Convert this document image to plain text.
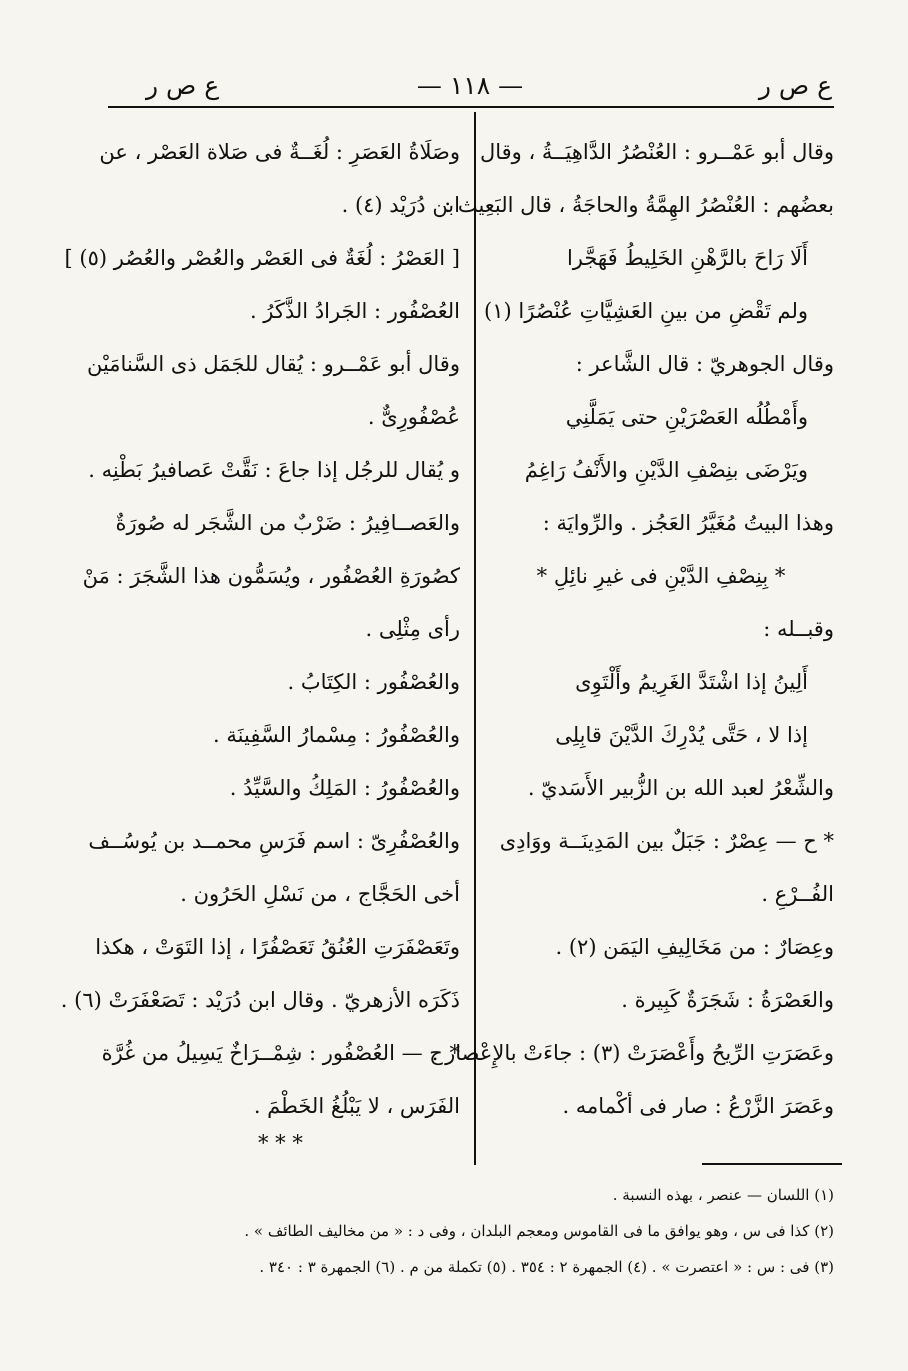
ع ص ر
— ١١٨ —
ع ص ر
وقال أبو عَمْــرو : العُنْصُرُ الدَّاهِيَــةُ ، وقال
بعضُهم : العُنْصُرُ الهِمَّةُ والحاجَةُ ، قال البَعِيث :
أَلَا رَاحَ بالرَّهْنِ الخَلِيطُ فَهَجَّرا
ولم تَقْضِ من بينِ العَشِيَّاتِ عُنْصُرًا (١)
وقال الجوهريّ : قال الشَّاعر :
وأَمْطُلُه العَصْرَيْنِ حتى يَمَلَّنِي
ويَرْضَى بنِصْفِ الدَّيْنِ والأَنْفُ رَاغِمُ
وهذا البيتُ مُغَيَّرُ العَجُز . والرِّوايَة :
* بِنِصْفِ الدَّيْنِ فى غيرِ نائِلِ *
وقبــله :
أَلِينُ إذا اشْتَدَّ الغَرِيمُ وأَلْتَوِى
إذا لا ، حَتَّى يُدْرِكَ الدَّيْنَ قابِلِى
والشِّعْرُ لعبد الله بن الزُّبير الأَسَديّ .
* ح — عِصْرٌ : جَبَلٌ بين المَدِينَــة ووَادِى
الفُــرْعِ .
وعِصَارٌ : من مَخَالِيفِ اليَمَن (٢) .
والعَصْرَةُ : شَجَرَةٌ كَبِيرة .
وعَصَرَتِ الرِّيحُ وأَعْصَرَتْ (٣) : جاءَتْ بالإِعْصار .
وعَصَرَ الزَّرْعُ : صار فى أكْمامه .
وصَلَاةُ العَصَرِ : لُغَــةٌ فى صَلاة العَصْر ، عن
ابن دُرَيْد (٤) .
[ العَصْرُ : لُغَةٌ فى العَصْر والعُصْر والعُصُر (٥) ]
العُصْفُور : الجَرادُ الذَّكَرُ .
وقال أبو عَمْــرو : يُقال للجَمَل ذى السَّنامَيْن
عُصْفُورِىٌّ .
و يُقال للرجُل إذا جاعَ : نَقَّتْ عَصافيرُ بَطْنِه .
والعَصــافِيرُ : ضَرْبٌ من الشَّجَر له صُورَةٌ
كصُورَةِ العُصْفُور ، ويُسَمُّون هذا الشَّجَرَ : مَنْ
رأى مِثْلِى .
والعُصْفُور : الكِتَابُ .
والعُصْفُورُ : مِسْمارُ السَّفِينَة .
والعُصْفُورُ : المَلِكُ والسَّيِّدُ .
والعُصْفُرِىّ : اسم فَرَسِ محمــد بن يُوسُــف
أخى الحَجَّاج ، من نَسْلِ الحَرُون .
وتَعَصْفَرَتِ العُنُقُ تَعَصْفُرًا ، إذا التَوَتْ ، هكذا
ذَكَرَه الأزهريّ . وقال ابن دُرَيْد : تَصَعْفَرَتْ (٦) .
* ح — العُصْفُور : شِمْــرَاخٌ يَسِيلُ من غُرَّة
الفَرَس ، لا يَبْلُغُ الخَطْمَ .
* * *
(١) اللسان — عنصر ، بهذه النسبة .
(٢) كذا فى س ، وهو يوافق ما فى القاموس ومعجم البلدان ، وفى د : « من مخاليف الطائف » .
(٣) فى : س : « اعتصرت » . (٤) الجمهرة ٢ : ٣٥٤ . (٥) تكملة من م . (٦) الجمهرة ٣ : ٣٤٠ .
